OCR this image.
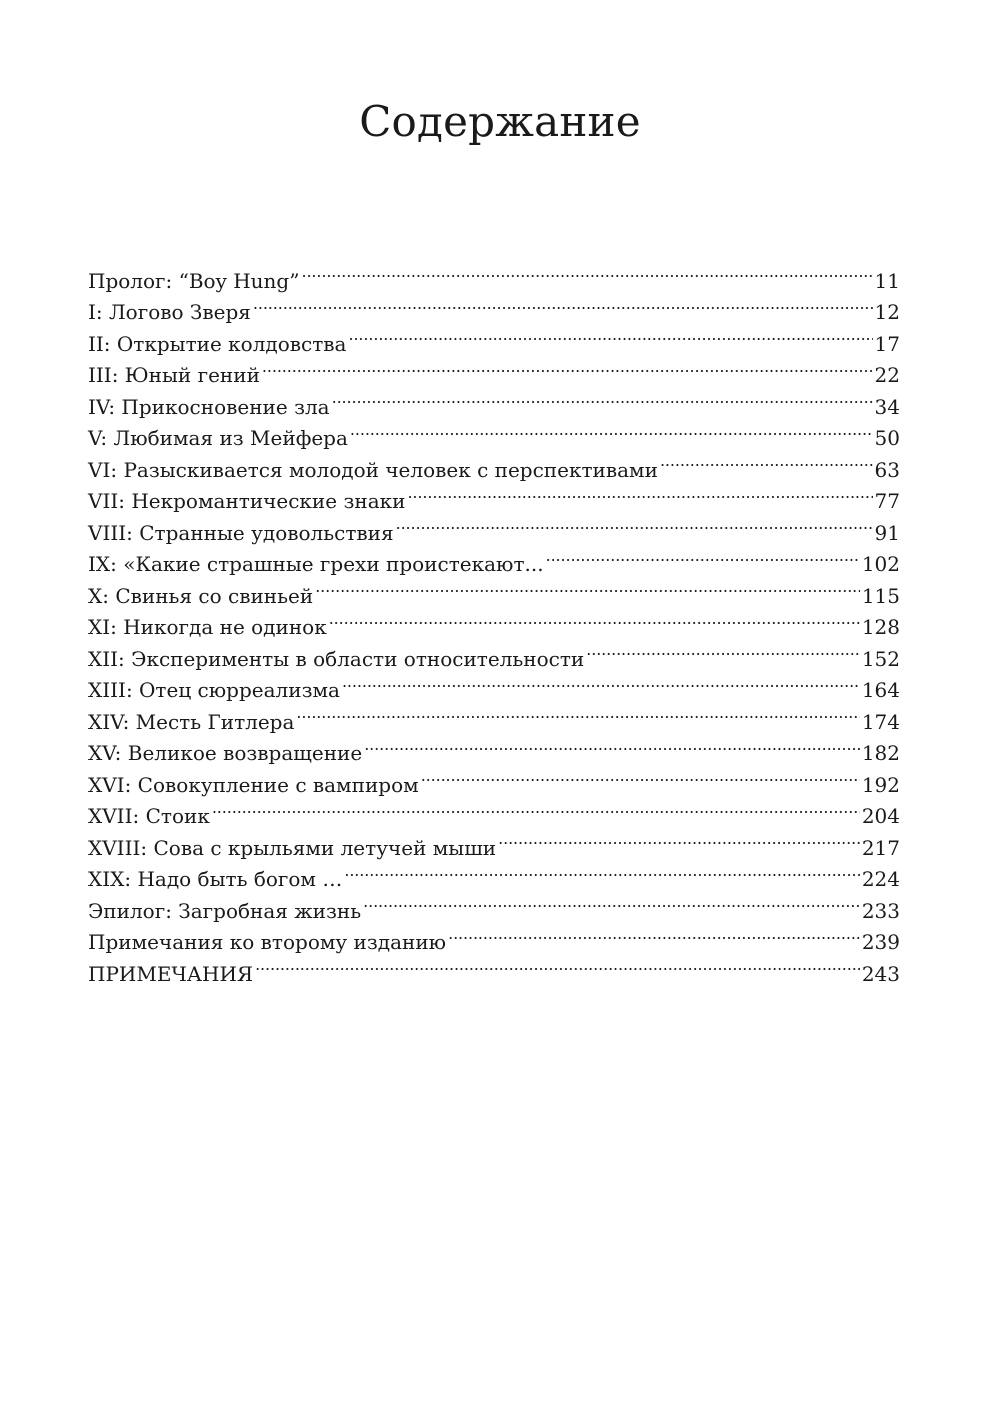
Содержание
Пролог: “Boy Hung” . . .	11
I: Логово Зверя . . .	12
II: Открытие колдовства . . .	17
III: Юный гений . . .	22
IV: Прикосновение зла . . .	34
V: Любимая из Мейфера . . .	50
VI: Разыскивается молодой человек с перспективами . . .	63
VII: Некромантические знаки . . .	77
VIII: Странные удовольствия . . .	91
IX: «Какие страшные грехи проистекают... . . .	102
X: Свинья со свиньей . . .	115
XI: Никогда не одинок . . .	128
XII: Эксперименты в области относительности . . .	152
XIII: Отец сюрреализма . . .	164
XIV: Месть Гитлера . . .	174
XV: Великое возвращение . . .	182
XVI: Совокупление с вампиром . . .	192
XVII: Стоик . . .	204
XVIII: Сова с крыльями летучей мыши . . .	217
XIX: Надо быть богом … . . .	224
Эпилог: Загробная жизнь . . .	233
Примечания ко второму изданию . . .	239
ПРИМЕЧАНИЯ . . .	243
